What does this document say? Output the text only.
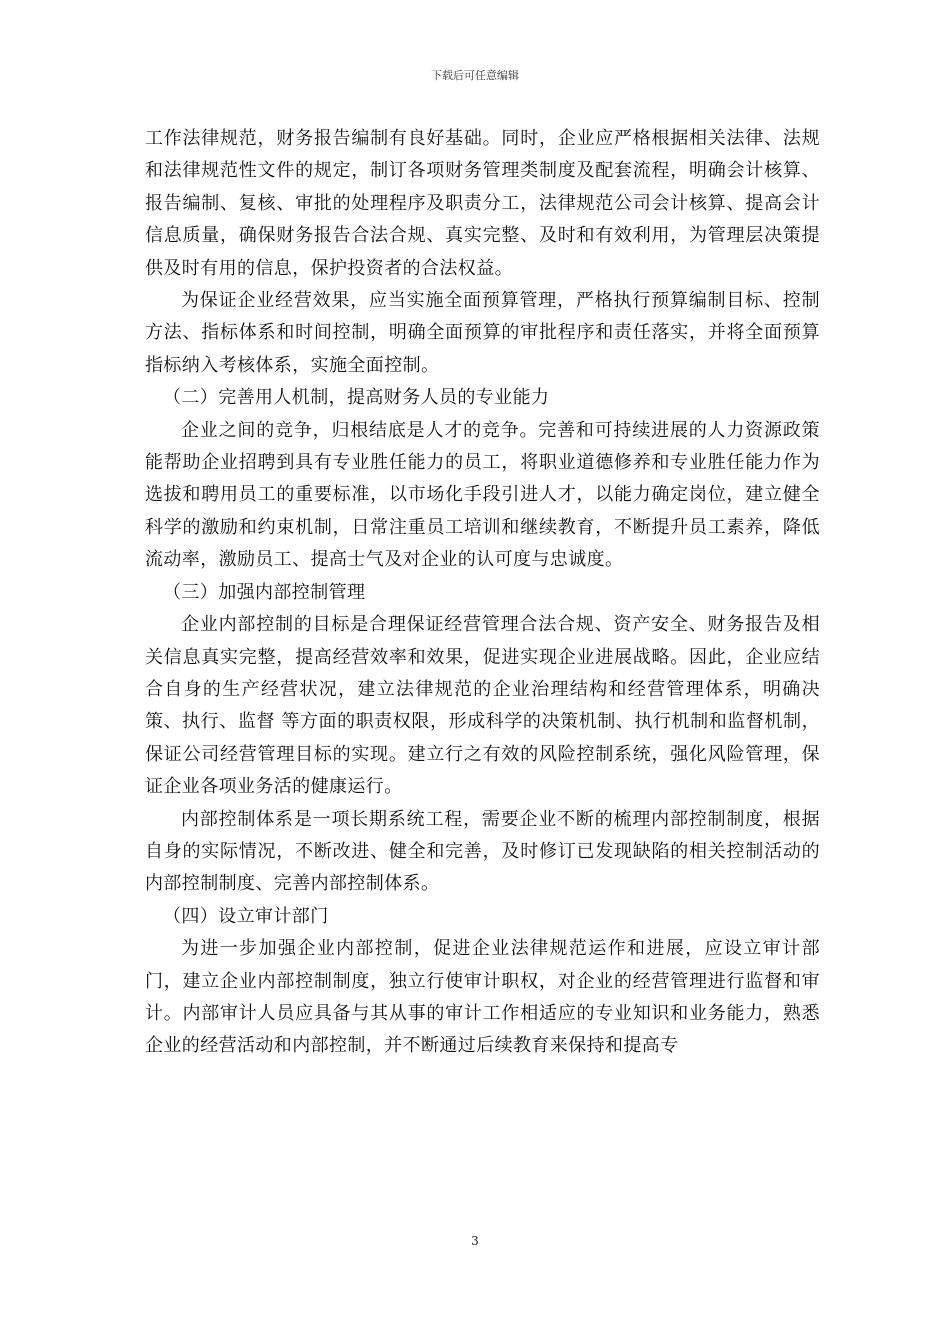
下载后可任意编辑

工作法律规范，财务报告编制有良好基础。同时，企业应严格根据相关法律、法规和法律规范性文件的规定，制订各项财务管理类制度及配套流程，明确会计核算、报告编制、复核、审批的处理程序及职责分工，法律规范公司会计核算、提高会计信息质量，确保财务报告合法合规、真实完整、及时和有效利用，为管理层决策提供及时有用的信息，保护投资者的合法权益。

为保证企业经营效果，应当实施全面预算管理，严格执行预算编制目标、控制方法、指标体系和时间控制，明确全面预算的审批程序和责任落实，并将全面预算指标纳入考核体系，实施全面控制。

（二）完善用人机制，提高财务人员的专业能力

企业之间的竞争，归根结底是人才的竞争。完善和可持续进展的人力资源政策能帮助企业招聘到具有专业胜任能力的员工，将职业道德修养和专业胜任能力作为选拔和聘用员工的重要标准，以市场化手段引进人才，以能力确定岗位，建立健全科学的激励和约束机制，日常注重员工培训和继续教育，不断提升员工素养，降低流动率，激励员工、提高士气及对企业的认可度与忠诚度。

（三）加强内部控制管理

企业内部控制的目标是合理保证经营管理合法合规、资产安全、财务报告及相关信息真实完整，提高经营效率和效果，促进实现企业进展战略。因此，企业应结合自身的生产经营状况，建立法律规范的企业治理结构和经营管理体系，明确决策、执行、监督 等方面的职责权限，形成科学的决策机制、执行机制和监督机制，保证公司经营管理目标的实现。建立行之有效的风险控制系统，强化风险管理，保证企业各项业务活的健康运行。

内部控制体系是一项长期系统工程，需要企业不断的梳理内部控制制度，根据自身的实际情况，不断改进、健全和完善，及时修订已发现缺陷的相关控制活动的内部控制制度、完善内部控制体系。

（四）设立审计部门

为进一步加强企业内部控制，促进企业法律规范运作和进展，应设立审计部门，建立企业内部控制制度，独立行使审计职权，对企业的经营管理进行监督和审计。内部审计人员应具备与其从事的审计工作相适应的专业知识和业务能力，熟悉企业的经营活动和内部控制，并不断通过后续教育来保持和提高专

3
